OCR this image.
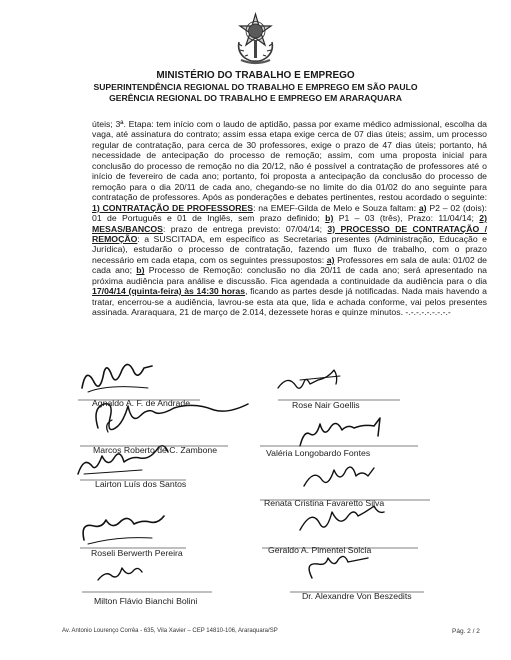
MINISTÉRIO DO TRABALHO E EMPREGO
SUPERINTENDÊNCIA REGIONAL DO TRABALHO E EMPREGO EM SÃO PAULO
GERÊNCIA REGIONAL DO TRABALHO E EMPREGO EM ARARAQUARA
úteis; 3ª. Etapa: tem início com o laudo de aptidão, passa por exame médico admissional, escolha da vaga, até assinatura do contrato; assim essa etapa exige cerca de 07 dias úteis; assim, um processo regular de contratação, para cerca de 30 professores, exige o prazo de 47 dias úteis; portanto, há necessidade de antecipação do processo de remoção; assim, com uma proposta inicial para conclusão do processo de remoção no dia 20/12, não é possível a contratação de professores até o início de fevereiro de cada ano; portanto, foi proposta a antecipação da conclusão do processo de remoção para o dia 20/11 de cada ano, chegando-se no limite do dia 01/02 do ano seguinte para contratação de professores. Após as ponderações e debates pertinentes, restou acordado o seguinte: 1) CONTRATAÇÃO DE PROFESSORES: na EMEF-Gilda de Melo e Souza faltam: a) P2 – 02 (dois): 01 de Português e 01 de Inglês, sem prazo definido; b) P1 – 03 (três), Prazo: 11/04/14; 2) MESAS/BANCOS: prazo de entrega previsto: 07/04/14; 3) PROCESSO DE CONTRATAÇÃO / REMOÇÃO: a SUSCITADA, em específico as Secretarias presentes (Administração, Educação e Jurídica), estudarão o processo de contratação, fazendo um fluxo de trabalho, com o prazo necessário em cada etapa, com os seguintes pressupostos: a) Professores em sala de aula: 01/02 de cada ano; b) Processo de Remoção: conclusão no dia 20/11 de cada ano; será apresentado na próxima audiência para análise e discussão. Fica agendada a continuidade da audiência para o dia 17/04/14 (quinta-feira) às 14:30 horas, ficando as partes desde já notificadas. Nada mais havendo a tratar, encerrou-se a audiência, lavrou-se esta ata que, lida e achada conforme, vai pelos presentes assinada. Araraquara, 21 de março de 2.014, dezessete horas e quinze minutos. -.-.-.-.-.-.-.-.-
Agnaldo A. F. de Andrade	Rose Nair Goellis
Marcos Roberto de C. Zambone	Valéria Longobardo Fontes
Lairton Luís dos Santos
Renata Cristina Favaretto Silva
Roseli Berwerth Pereira	Geraldo A. Pimentel Solcia
Milton Flávio Bianchi Bolini	Dr. Alexandre Von Beszedits
Av. Antonio Lourenço Corrêa - 635, Vila Xavier – CEP 14810-106, Araraquara/SP	Pág. 2 / 2
